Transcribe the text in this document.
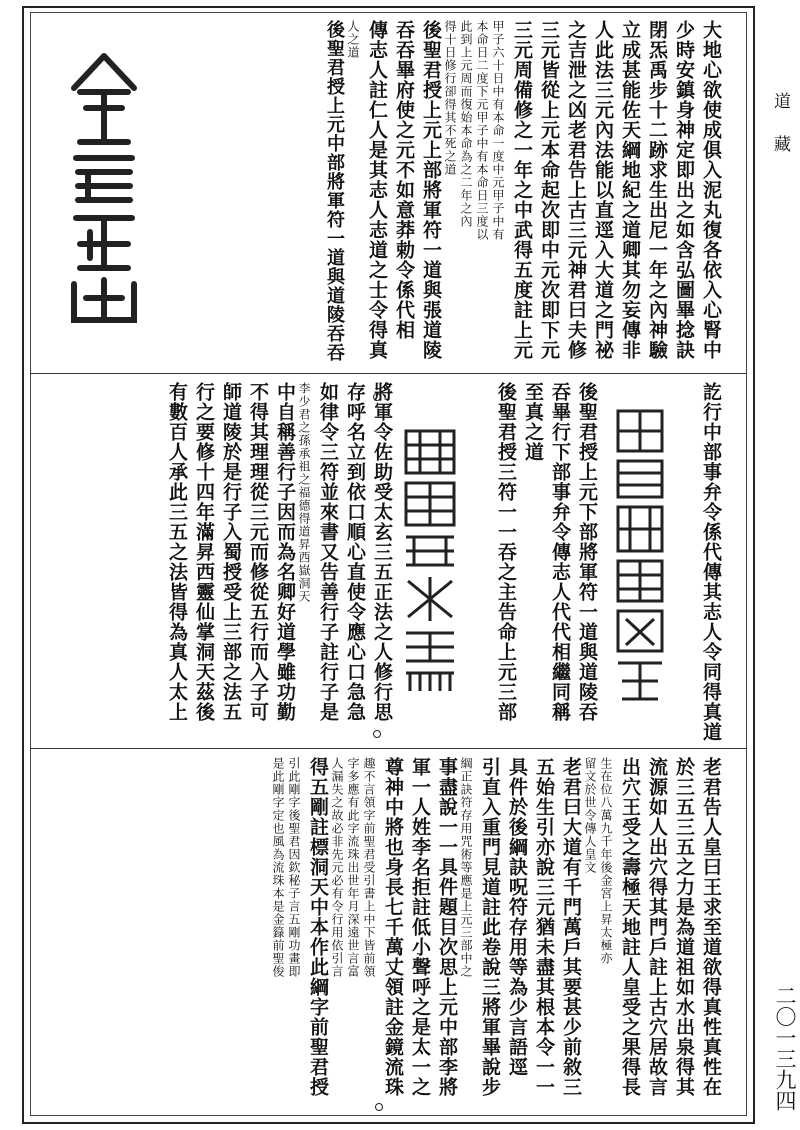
道藏
二〇一三九四
大地心欲使成俱入泥丸復各依入心腎中
少時安鎮身神定即出之如含弘圖畢捻訣
閉炁禹步十二跡求生出尼一年之內神驗
立成甚能佐天綱地紀之道卿其勿妄傳非
人此法三元內法能以直逕入大道之門祕
之吉泄之凶老君告上古三元神君曰夫修
三元皆從上元本命起次即中元次即下元
三元周備修之一年之中武得五度註上元
甲子六十日中有本命一度中元甲子中有
本命日二度下元甲子中有本命日三度以
此到上元周而復始本命為之二年之內
得十日修行卻得其不死之道
後聖君授上元上部將軍符一道與張道陵
吞吞畢府使之元不如意莽勅令係代相
傳志人註仁人是其志人志道之士令得真
人之道
後聖君授上元中部將軍符一道與道陵吞吞
訖行中部事弁令係代傳其志人令同得真道
後聖君授上元下部將軍符一道與道陵吞
吞畢行下部事弁令傳志人代代相繼同稱
至真之道
後聖君授三符一一吞之主告命上元三部
將軍令佐助受太玄三五正法之人修行思
存呼名立到依口順心直使令應心口急急
如律令三符並來書又告善行子註行子是
李少君之孫承祖之福德得道昇西嶽洞天
中自稱善行子因而為名卿好道學雖功勤
不得其理理從三元而修從五行而入子可
師道陵於是行子入蜀授受上三部之法五
行之要修十四年滿昇西靈仙掌洞天茲後
有數百人承此三五之法皆得為真人太上
老君告人皇曰王求至道欲得真性真性在
於三五三五之力是為道祖如水出泉得其
流源如人出穴得其門戶註上古穴居故言
出穴王受之壽極天地註人皇受之果得長
生在位八萬九千年後金宮上昇太極亦
留文於世令傳人皇文
老君曰大道有千門萬戶其要甚少前敘三
五始生引亦說三元猶未盡其根本令一一
具件於後綱訣呪符存用等為少言語逕
引直入重門見道註此卷說三將軍畢說步
綱正訣符存用咒術等應是上元三部中之
事盡說一一具件題目次思上元中部李將
軍一人姓李名拒註低小聲呼之是太一之
尊神中將也身長七千萬丈領註金鏡流珠
趣不言領字前聖君受引書上中下皆前領
字多應有此字流珠出世年月深遠世言富
人漏失之故必非先元必有令行用依引言
得五剛註標洞天中本作此綱字前聖君授
引此剛字後聖君因欽秘子言五剛功畫即
是此剛字定也風為流珠本是金籙前聖俊
